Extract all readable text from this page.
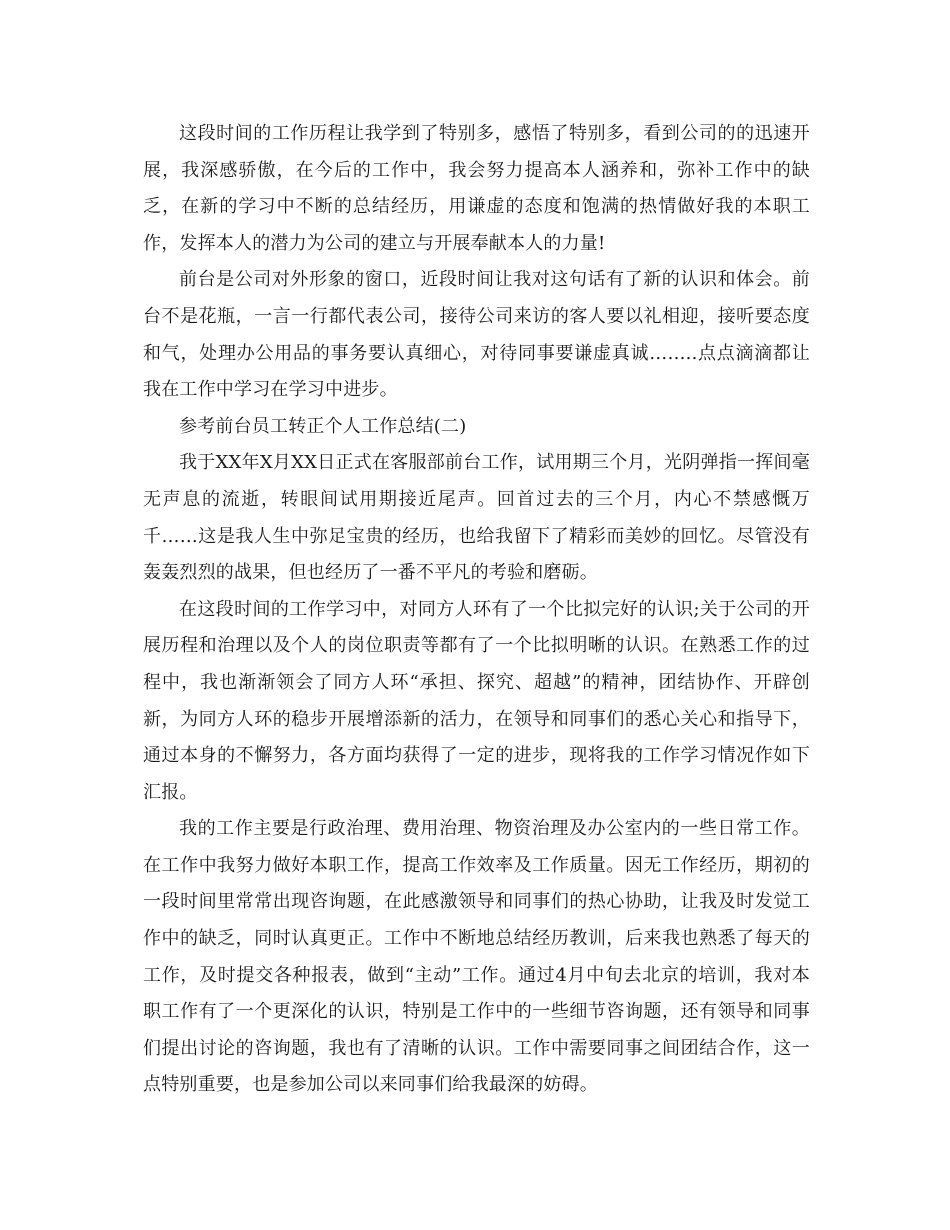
这段时间的工作历程让我学到了特别多，感悟了特别多，看到公司的的迅速开展，我深感骄傲，在今后的工作中，我会努力提高本人涵养和，弥补工作中的缺乏，在新的学习中不断的总结经历，用谦虚的态度和饱满的热情做好我的本职工作，发挥本人的潜力为公司的建立与开展奉献本人的力量!

前台是公司对外形象的窗口，近段时间让我对这句话有了新的认识和体会。前台不是花瓶，一言一行都代表公司，接待公司来访的客人要以礼相迎，接听要态度和气，处理办公用品的事务要认真细心，对待同事要谦虚真诚……..点点滴滴都让我在工作中学习在学习中进步。

参考前台员工转正个人工作总结(二)

我于XX年X月XX日正式在客服部前台工作，试用期三个月，光阴弹指一挥间毫无声息的流逝，转眼间试用期接近尾声。回首过去的三个月，内心不禁感慨万千……这是我人生中弥足宝贵的经历，也给我留下了精彩而美妙的回忆。尽管没有轰轰烈烈的战果，但也经历了一番不平凡的考验和磨砺。

在这段时间的工作学习中，对同方人环有了一个比拟完好的认识;关于公司的开展历程和治理以及个人的岗位职责等都有了一个比拟明晰的认识。在熟悉工作的过程中，我也渐渐领会了同方人环“承担、探究、超越”的精神，团结协作、开辟创新，为同方人环的稳步开展增添新的活力，在领导和同事们的悉心关心和指导下，通过本身的不懈努力，各方面均获得了一定的进步，现将我的工作学习情况作如下汇报。

我的工作主要是行政治理、费用治理、物资治理及办公室内的一些日常工作。在工作中我努力做好本职工作，提高工作效率及工作质量。因无工作经历，期初的一段时间里常常出现咨询题，在此感激领导和同事们的热心协助，让我及时发觉工作中的缺乏，同时认真更正。工作中不断地总结经历教训，后来我也熟悉了每天的工作，及时提交各种报表，做到“主动”工作。通过4月中旬去北京的培训，我对本职工作有了一个更深化的认识，特别是工作中的一些细节咨询题，还有领导和同事们提出讨论的咨询题，我也有了清晰的认识。工作中需要同事之间团结合作，这一点特别重要，也是参加公司以来同事们给我最深的妨碍。
